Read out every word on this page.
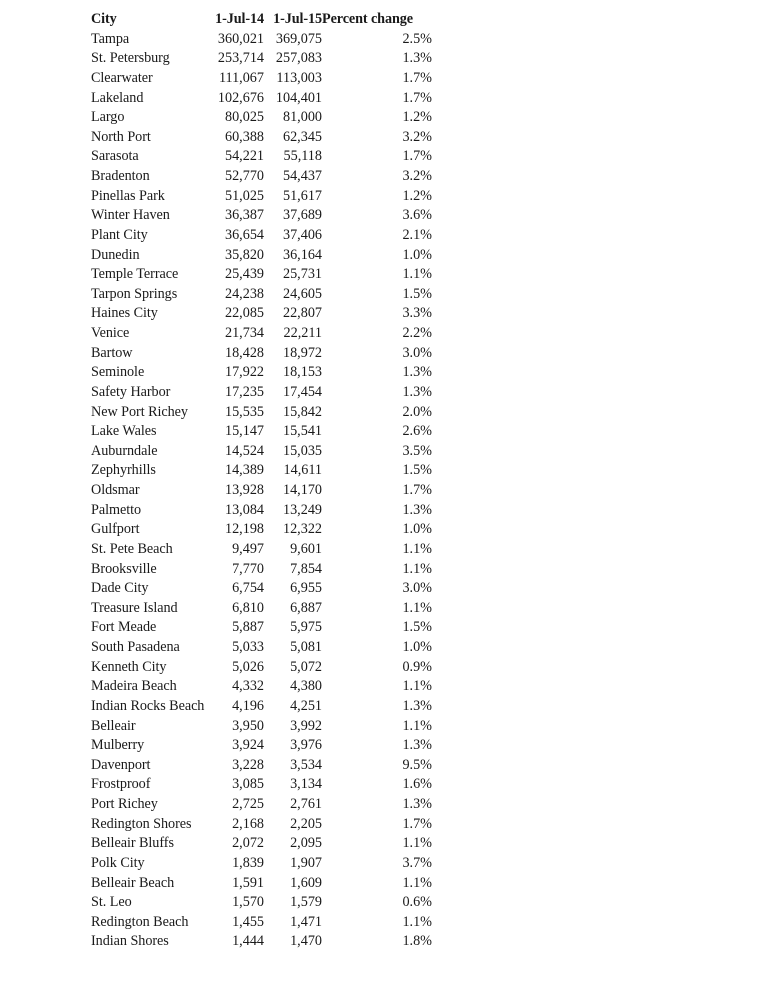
City	1-Jul-14	1-Jul-15	Percent change
Tampa	360,021	369,075	2.5%
St. Petersburg	253,714	257,083	1.3%
Clearwater	111,067	113,003	1.7%
Lakeland	102,676	104,401	1.7%
Largo	80,025	81,000	1.2%
North Port	60,388	62,345	3.2%
Sarasota	54,221	55,118	1.7%
Bradenton	52,770	54,437	3.2%
Pinellas Park	51,025	51,617	1.2%
Winter Haven	36,387	37,689	3.6%
Plant City	36,654	37,406	2.1%
Dunedin	35,820	36,164	1.0%
Temple Terrace	25,439	25,731	1.1%
Tarpon Springs	24,238	24,605	1.5%
Haines City	22,085	22,807	3.3%
Venice	21,734	22,211	2.2%
Bartow	18,428	18,972	3.0%
Seminole	17,922	18,153	1.3%
Safety Harbor	17,235	17,454	1.3%
New Port Richey	15,535	15,842	2.0%
Lake Wales	15,147	15,541	2.6%
Auburndale	14,524	15,035	3.5%
Zephyrhills	14,389	14,611	1.5%
Oldsmar	13,928	14,170	1.7%
Palmetto	13,084	13,249	1.3%
Gulfport	12,198	12,322	1.0%
St. Pete Beach	9,497	9,601	1.1%
Brooksville	7,770	7,854	1.1%
Dade City	6,754	6,955	3.0%
Treasure Island	6,810	6,887	1.1%
Fort Meade	5,887	5,975	1.5%
South Pasadena	5,033	5,081	1.0%
Kenneth City	5,026	5,072	0.9%
Madeira Beach	4,332	4,380	1.1%
Indian Rocks Beach	4,196	4,251	1.3%
Belleair	3,950	3,992	1.1%
Mulberry	3,924	3,976	1.3%
Davenport	3,228	3,534	9.5%
Frostproof	3,085	3,134	1.6%
Port Richey	2,725	2,761	1.3%
Redington Shores	2,168	2,205	1.7%
Belleair Bluffs	2,072	2,095	1.1%
Polk City	1,839	1,907	3.7%
Belleair Beach	1,591	1,609	1.1%
St. Leo	1,570	1,579	0.6%
Redington Beach	1,455	1,471	1.1%
Indian Shores	1,444	1,470	1.8%
